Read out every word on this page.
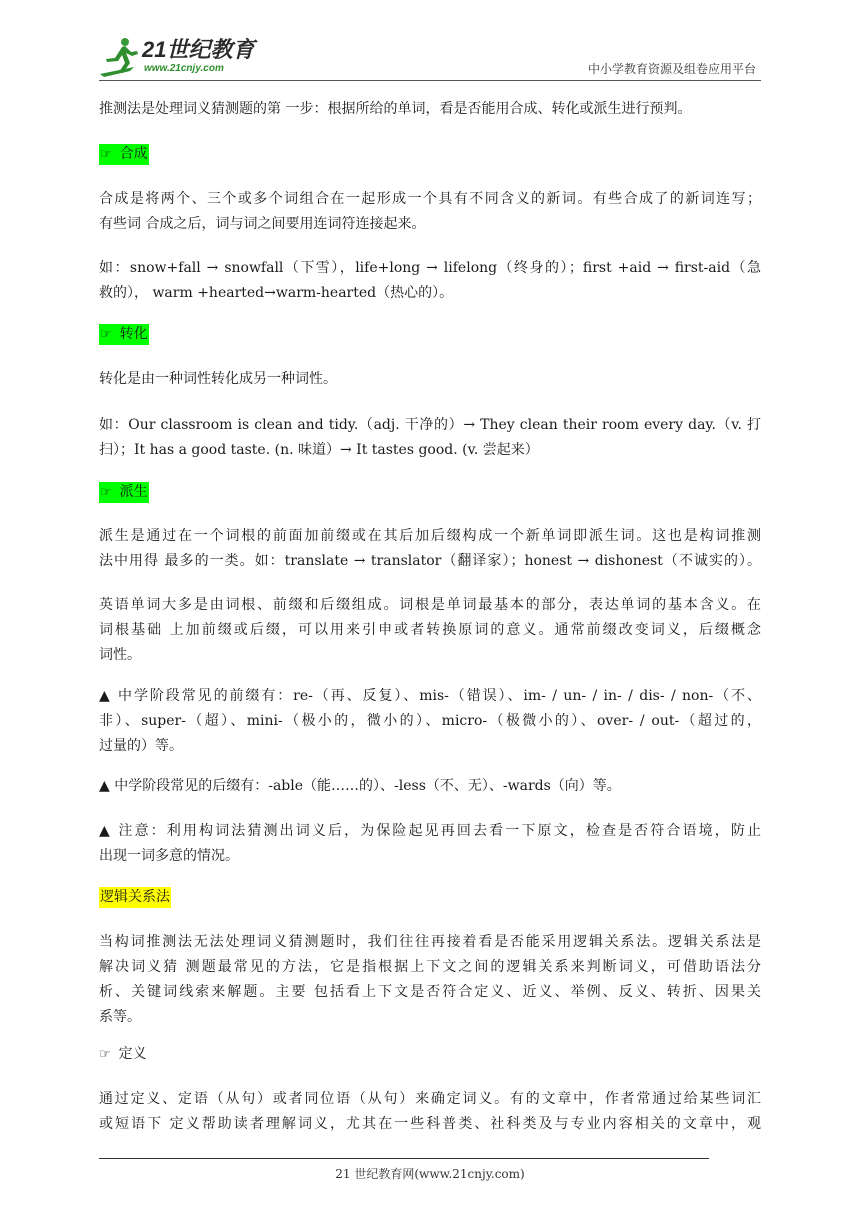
21世纪教育
www.21cnjy.com	中小学教育资源及组卷应用平台
推测法是处理词义猜测题的第 一步：根据所给的单词，看是否能用合成、转化或派生进行预判。
☞ 合成
合成是将两个、三个或多个词组合在一起形成一个具有不同含义的新词。有些合成了的新词连写；
有些词 合成之后，词与词之间要用连词符连接起来。
如：snow+fall → snowfall（下雪），life+long → lifelong（终身的）；first +aid → first-aid（急
救的）， warm +hearted→warm-hearted（热心的）。
☞ 转化
转化是由一种词性转化成另一种词性。
如：Our classroom is clean and tidy.（adj. 干净的）→ They clean their room every day.（v. 打
扫）；It has a good taste. (n. 味道）→ It tastes good. (v. 尝起来）
☞ 派生
派生是通过在一个词根的前面加前缀或在其后加后缀构成一个新单词即派生词。这也是构词推测
法中用得 最多的一类。如：translate → translator（翻译家）；honest → dishonest（不诚实的）。
英语单词大多是由词根、前缀和后缀组成。词根是单词最基本的部分，表达单词的基本含义。在
词根基础 上加前缀或后缀，可以用来引申或者转换原词的意义。通常前缀改变词义，后缀概念
词性。
▲ 中学阶段常见的前缀有：re-（再、反复）、mis-（错误）、im- / un- / in- / dis- / non-（不、
非）、super-（超）、mini-（极小的，微小的）、micro-（极微小的）、over- / out-（超过的，
过量的）等。
▲ 中学阶段常见的后缀有：-able（能……的）、-less（不、无）、-wards（向）等。
▲ 注意：利用构词法猜测出词义后，为保险起见再回去看一下原文，检查是否符合语境，防止
出现一词多意的情况。
逻辑关系法
当构词推测法无法处理词义猜测题时，我们往往再接着看是否能采用逻辑关系法。逻辑关系法是
解决词义猜 测题最常见的方法，它是指根据上下文之间的逻辑关系来判断词义，可借助语法分
析、关键词线索来解题。主要 包括看上下文是否符合定义、近义、举例、反义、转折、因果关
系等。
☞ 定义
通过定义、定语（从句）或者同位语（从句）来确定词义。有的文章中，作者常通过给某些词汇
或短语下 定义帮助读者理解词义，尤其在一些科普类、社科类及与专业内容相关的文章中，观
21 世纪教育网(www.21cnjy.com)
